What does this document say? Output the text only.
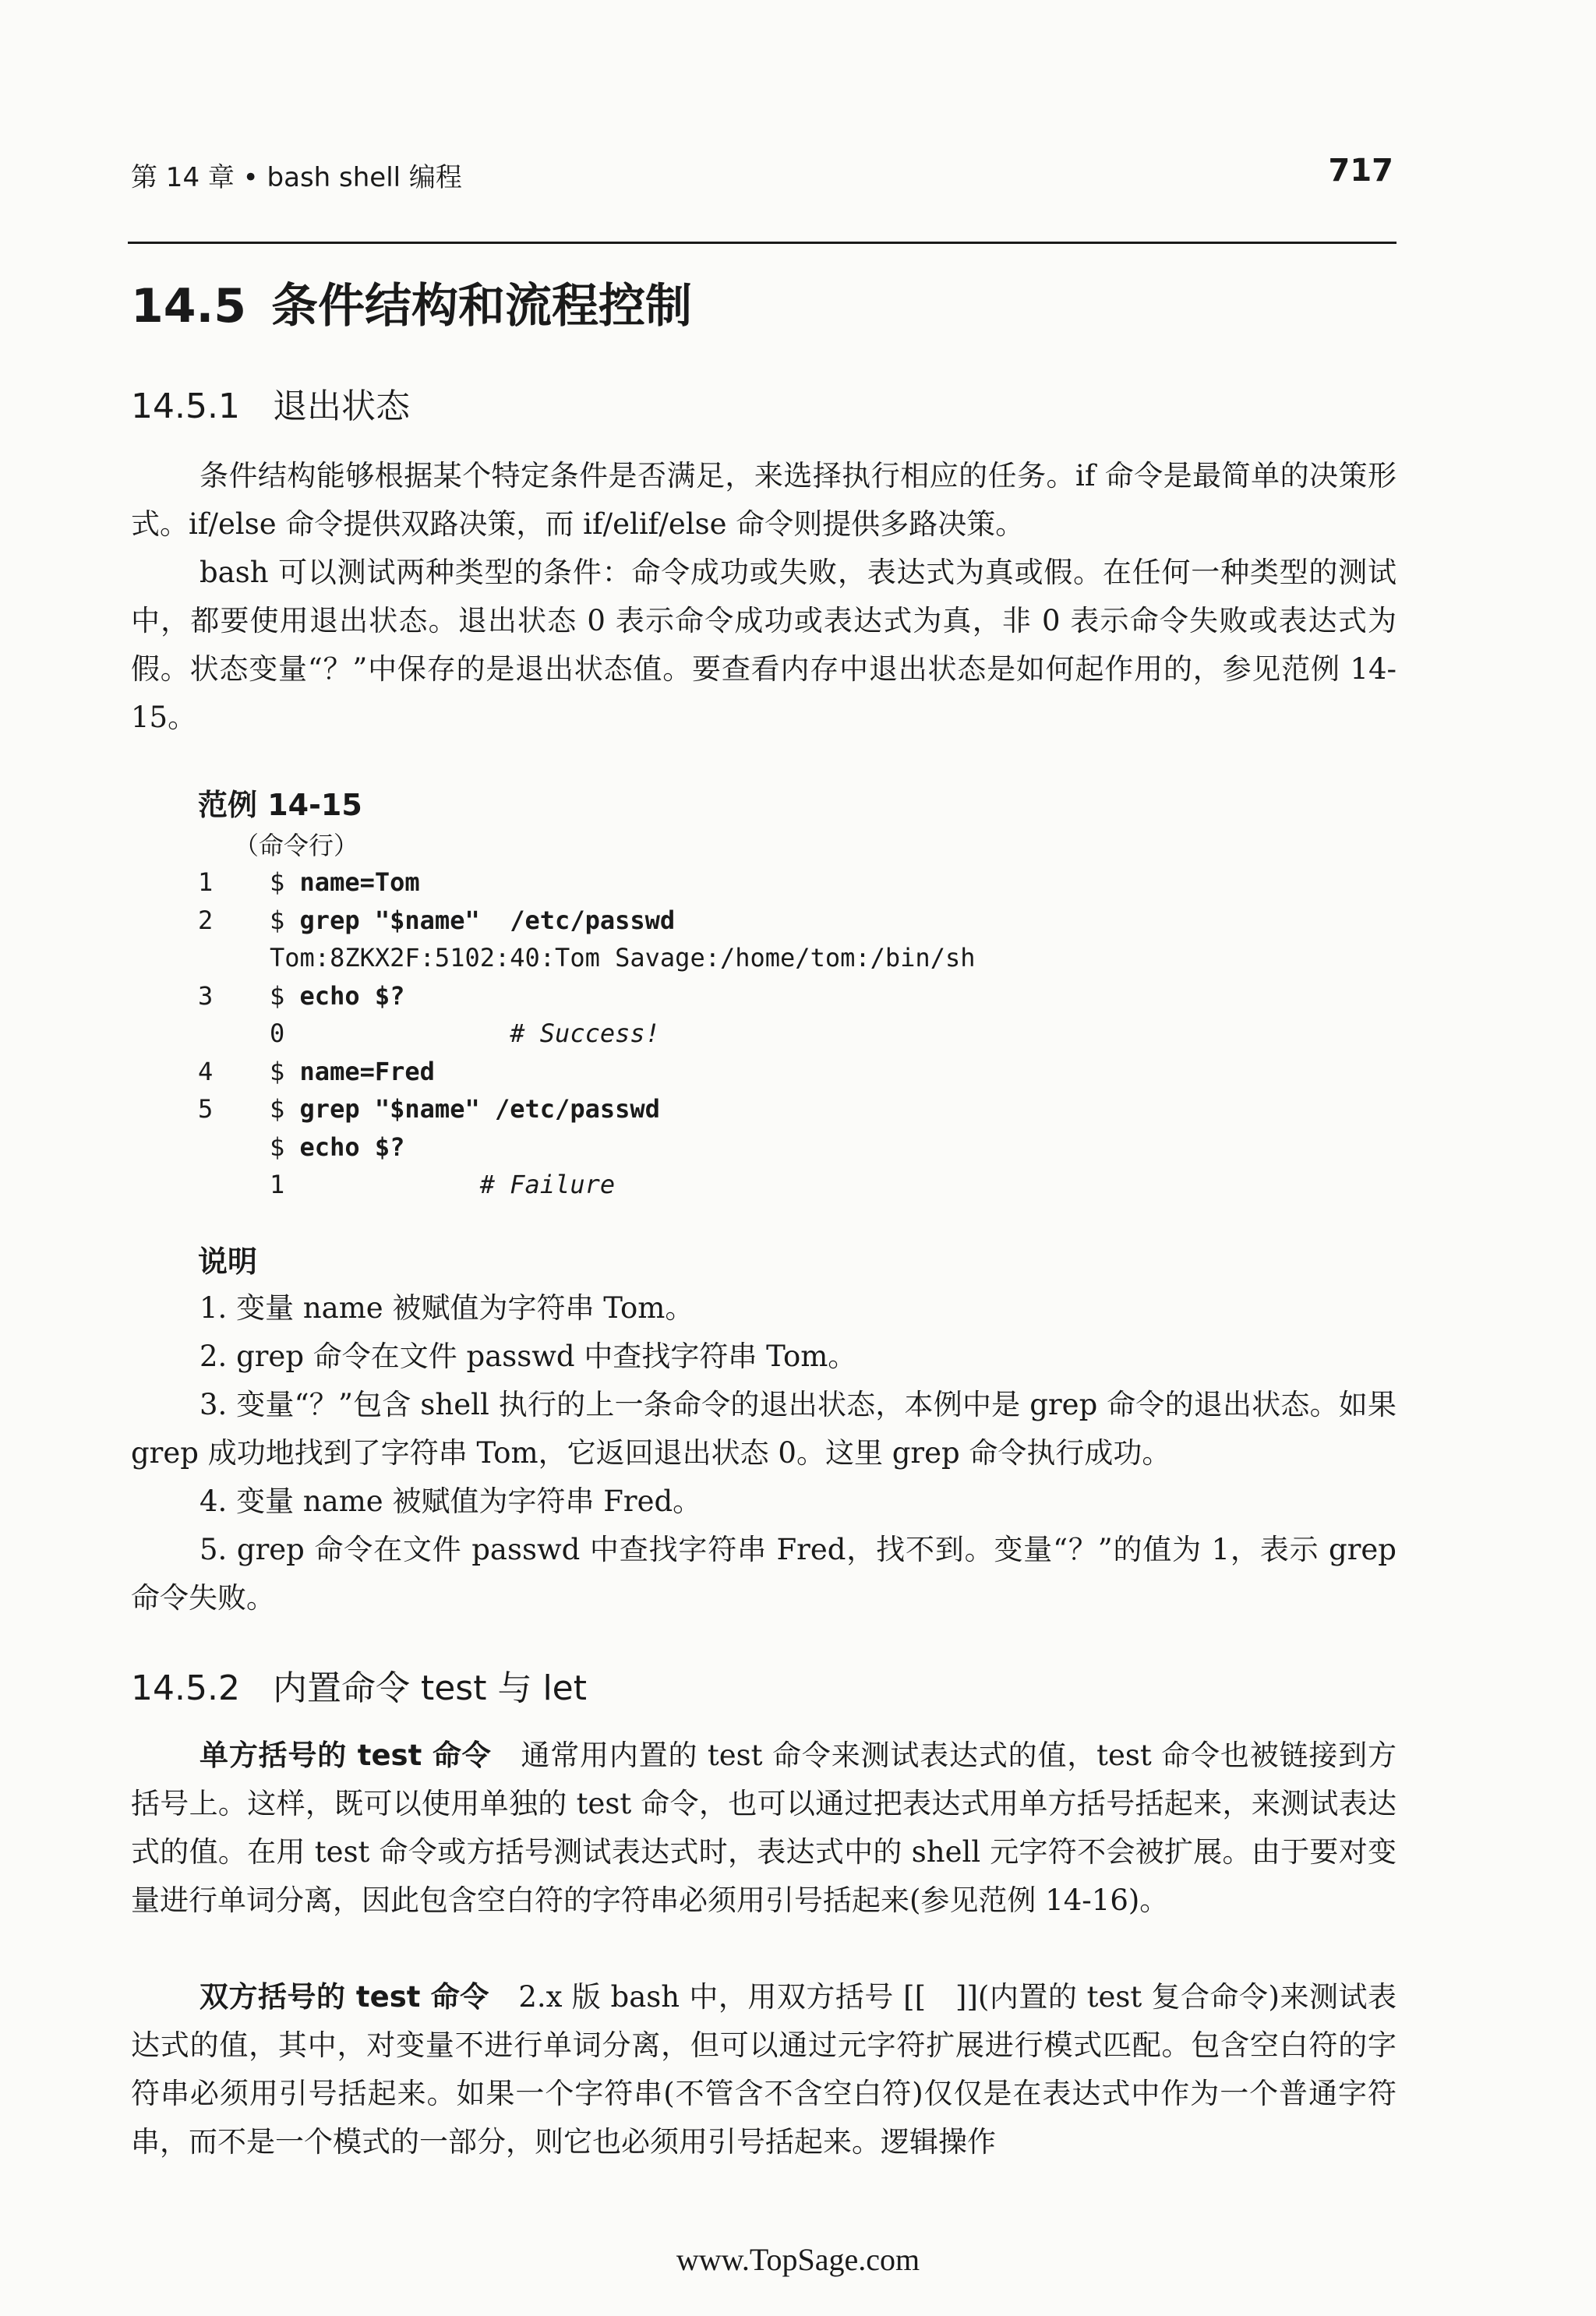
第 14 章 • bash shell 编程	717
14.5 条件结构和流程控制
14.5.1 退出状态
条件结构能够根据某个特定条件是否满足，来选择执行相应的任务。if 命令是最简单的决策形式。if/else 命令提供双路决策，而 if/elif/else 命令则提供多路决策。
bash 可以测试两种类型的条件：命令成功或失败，表达式为真或假。在任何一种类型的测试中，都要使用退出状态。退出状态 0 表示命令成功或表达式为真，非 0 表示命令失败或表达式为假。状态变量“？”中保存的是退出状态值。要查看内存中退出状态是如何起作用的，参见范例 14-15。
范例 14-15
（命令行）
1	$ name=Tom
2	$ grep "$name"  /etc/passwd
Tom:8ZKX2F:5102:40:Tom Savage:/home/tom:/bin/sh
3	$ echo $?
0	# Success!
4	$ name=Fred
5	$ grep "$name" /etc/passwd
$ echo $?
1	# Failure
说明
1. 变量 name 被赋值为字符串 Tom。
2. grep 命令在文件 passwd 中查找字符串 Tom。
3. 变量“？”包含 shell 执行的上一条命令的退出状态，本例中是 grep 命令的退出状态。如果 grep 成功地找到了字符串 Tom，它返回退出状态 0。这里 grep 命令执行成功。
4. 变量 name 被赋值为字符串 Fred。
5. grep 命令在文件 passwd 中查找字符串 Fred，找不到。变量“？”的值为 1，表示 grep 命令失败。
14.5.2 内置命令 test 与 let
单方括号的 test 命令　通常用内置的 test 命令来测试表达式的值，test 命令也被链接到方括号上。这样，既可以使用单独的 test 命令，也可以通过把表达式用单方括号括起来，来测试表达式的值。在用 test 命令或方括号测试表达式时，表达式中的 shell 元字符不会被扩展。由于要对变量进行单词分离，因此包含空白符的字符串必须用引号括起来(参见范例 14-16)。
双方括号的 test 命令　2.x 版 bash 中，用双方括号 [[　]](内置的 test 复合命令)来测试表达式的值，其中，对变量不进行单词分离，但可以通过元字符扩展进行模式匹配。包含空白符的字符串必须用引号括起来。如果一个字符串(不管含不含空白符)仅仅是在表达式中作为一个普通字符串，而不是一个模式的一部分，则它也必须用引号括起来。逻辑操作
www.TopSage.com
